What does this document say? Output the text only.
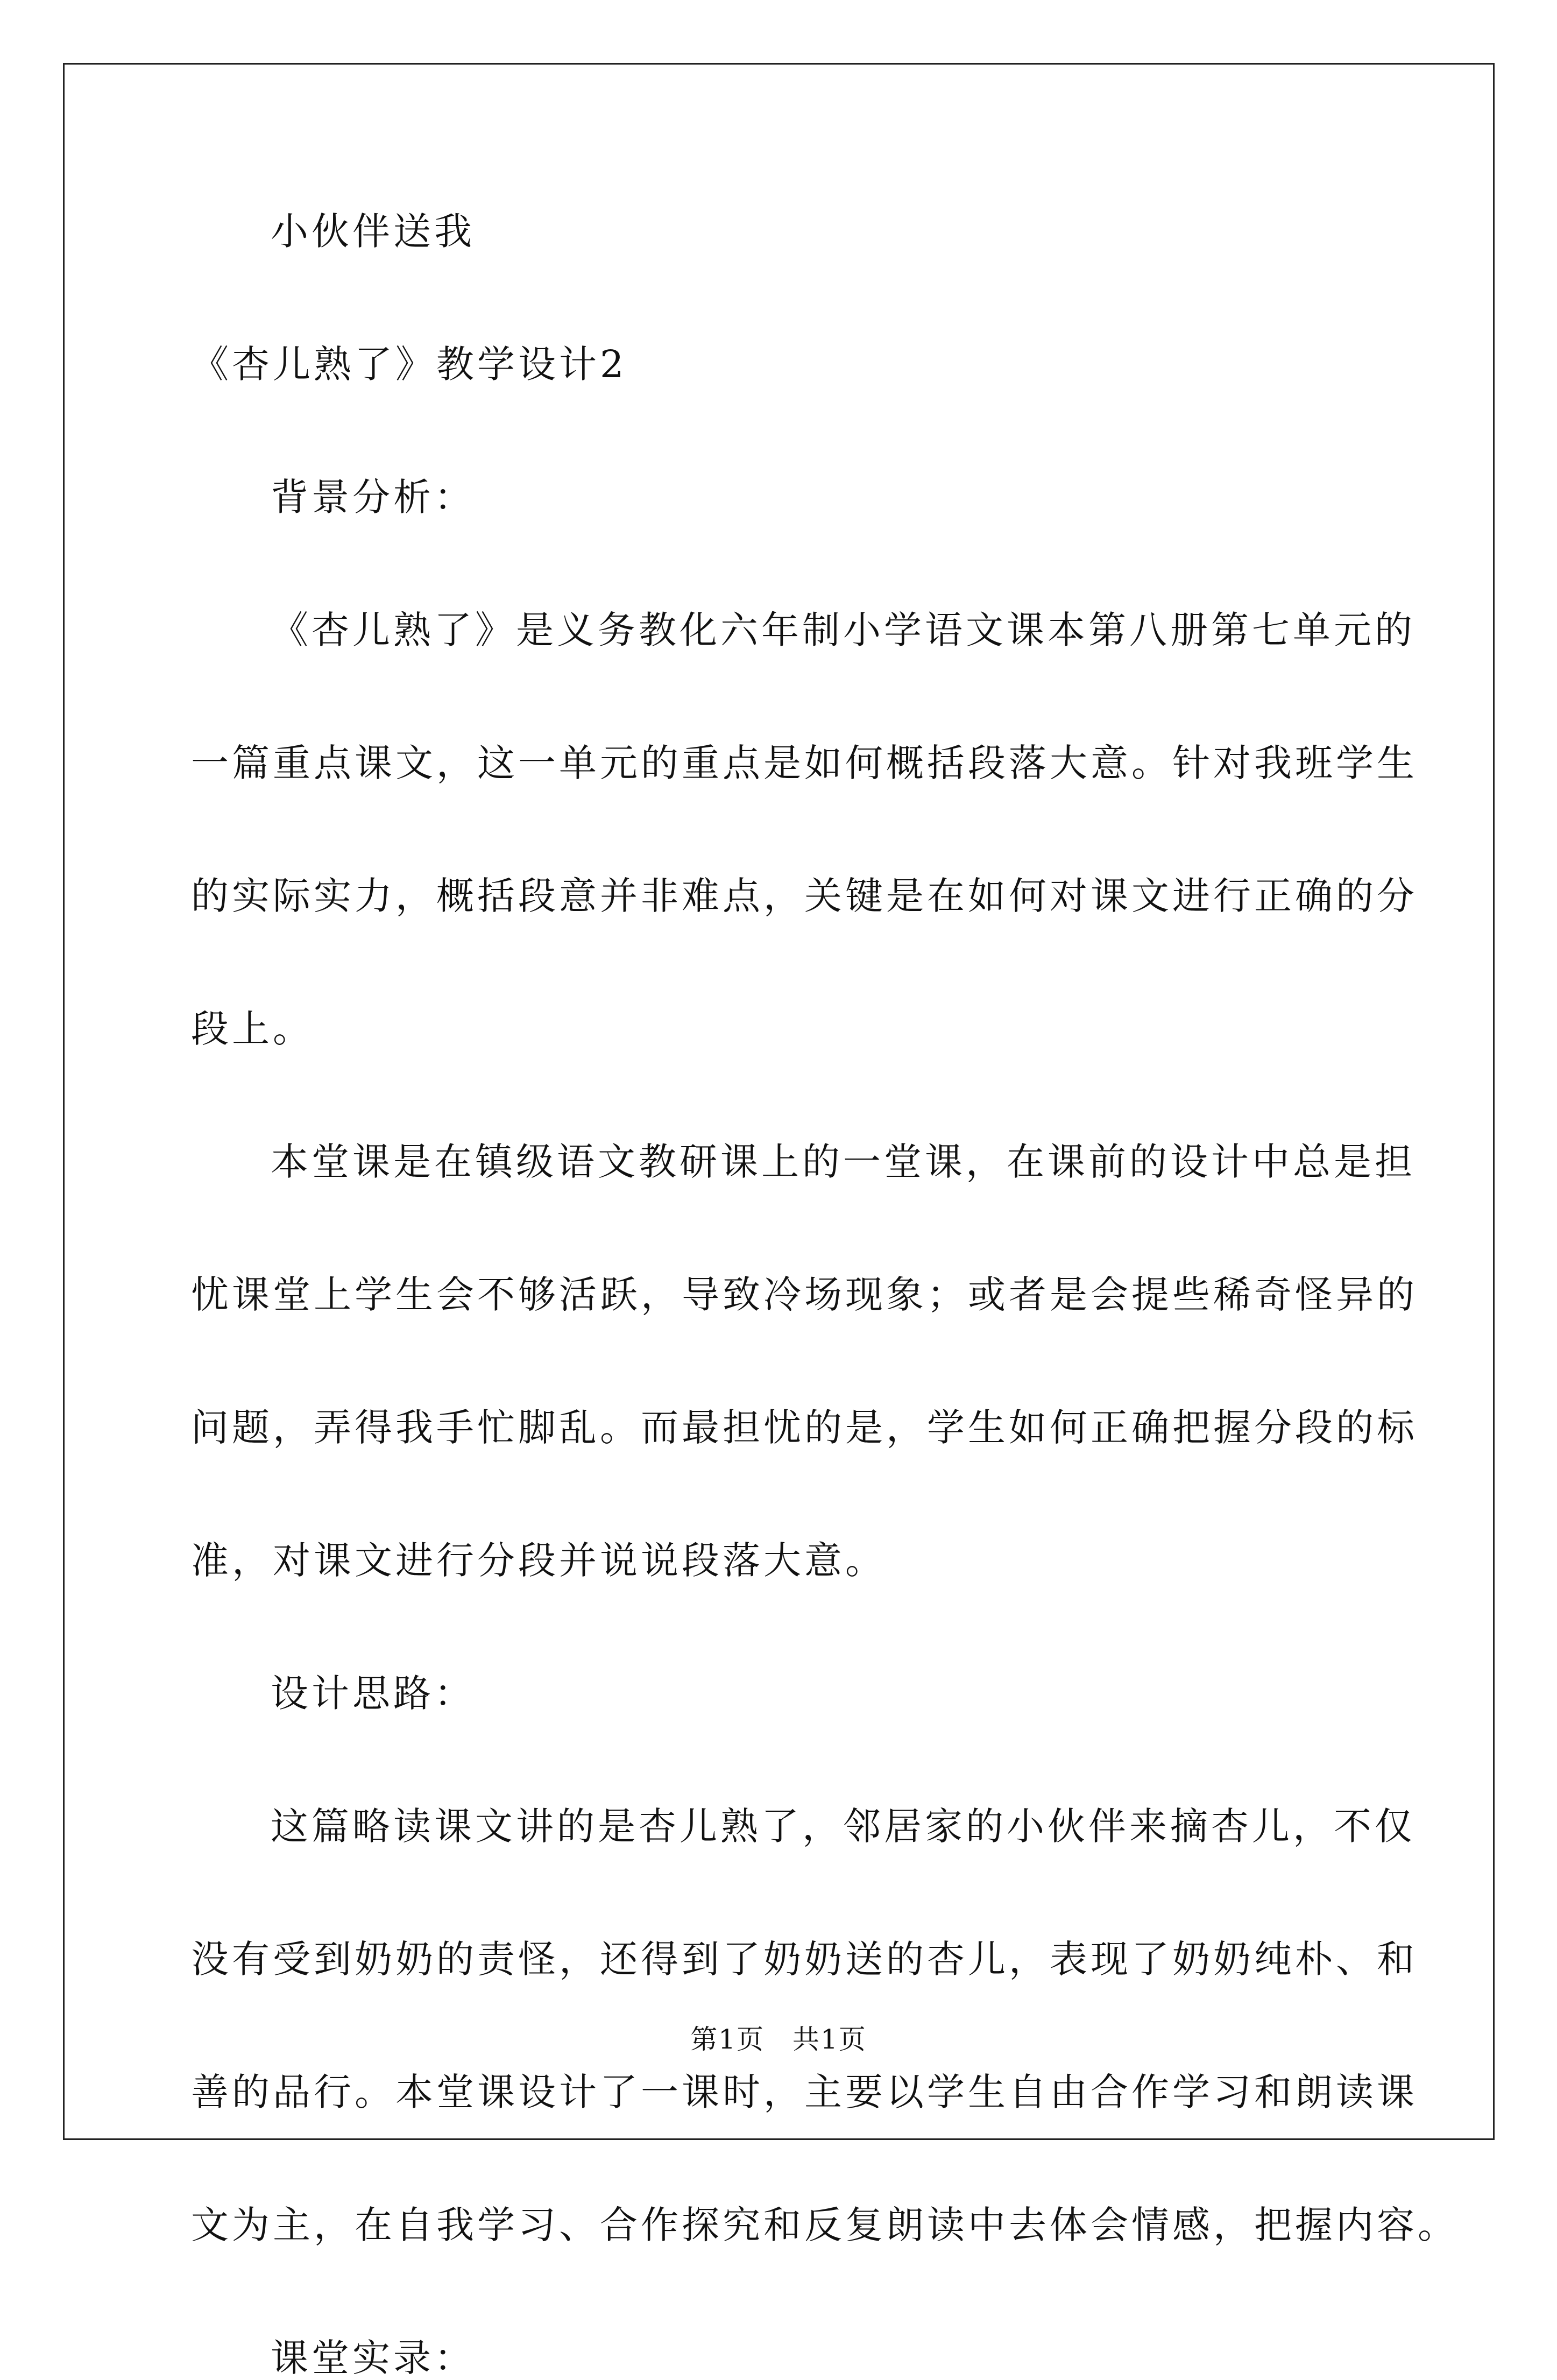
小伙伴送我

《杏儿熟了》教学设计2

背景分析：

《杏儿熟了》是义务教化六年制小学语文课本第八册第七单元的

一篇重点课文，这一单元的重点是如何概括段落大意。针对我班学生

的实际实力，概括段意并非难点，关键是在如何对课文进行正确的分

段上。

本堂课是在镇级语文教研课上的一堂课，在课前的设计中总是担

忧课堂上学生会不够活跃，导致冷场现象；或者是会提些稀奇怪异的

问题，弄得我手忙脚乱。而最担忧的是，学生如何正确把握分段的标

准，对课文进行分段并说说段落大意。

设计思路：

这篇略读课文讲的是杏儿熟了，邻居家的小伙伴来摘杏儿，不仅

没有受到奶奶的责怪，还得到了奶奶送的杏儿，表现了奶奶纯朴、和

善的品行。本堂课设计了一课时，主要以学生自由合作学习和朗读课

文为主，在自我学习、合作探究和反复朗读中去体会情感，把握内容。

课堂实录：

第1页　共1页
